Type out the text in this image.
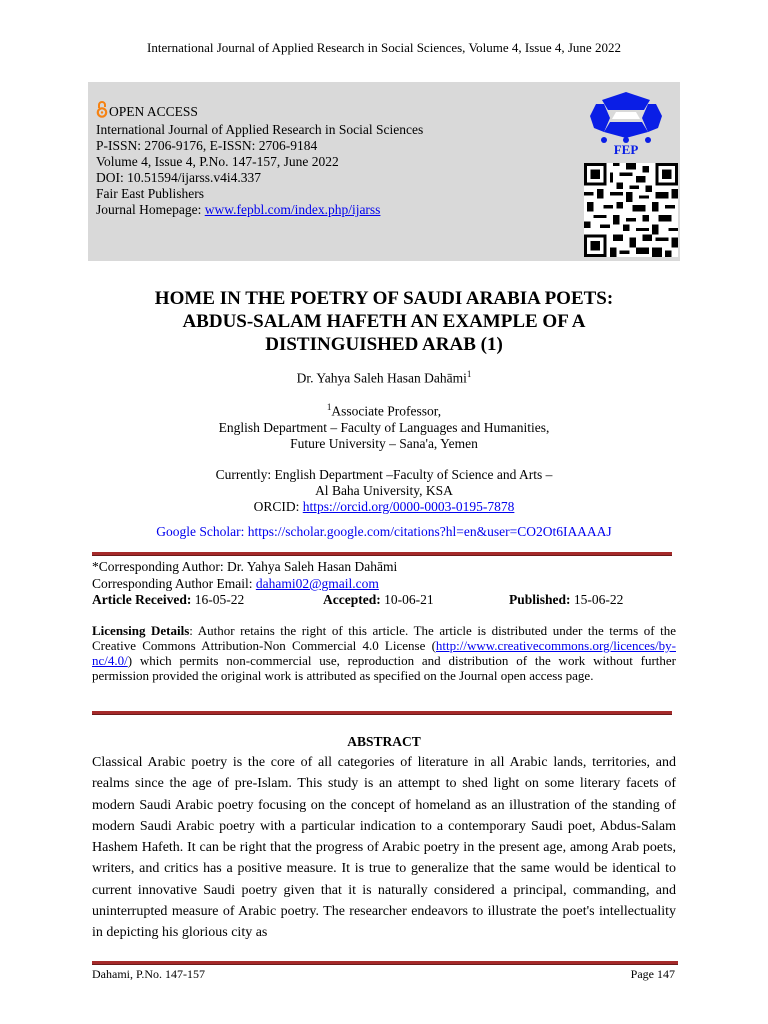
International Journal of Applied Research in Social Sciences, Volume 4, Issue 4, June 2022
OPEN ACCESS
International Journal of Applied Research in Social Sciences
P-ISSN: 2706-9176, E-ISSN: 2706-9184
Volume 4, Issue 4, P.No. 147-157, June 2022
DOI: 10.51594/ijarss.v4i4.337
Fair East Publishers
Journal Homepage: www.fepbl.com/index.php/ijarss
FEP
HOME IN THE POETRY OF SAUDI ARABIA POETS:
ABDUS-SALAM HAFETH AN EXAMPLE OF A
DISTINGUISHED ARAB (1)
Dr. Yahya Saleh Hasan Dahāmi$^1$
$^1$Associate Professor,
English Department – Faculty of Languages and Humanities,
Future University – Sana'a, Yemen
Currently: English Department –Faculty of Science and Arts –
Al Baha University, KSA
ORCID: https://orcid.org/0000-0003-0195-7878
Google Scholar: https://scholar.google.com/citations?hl=en&user=CO2Ot6IAAAAJ
*Corresponding Author: Dr. Yahya Saleh Hasan Dahāmi
Corresponding Author Email: dahami02@gmail.com
Article Received: 16-05-22	Accepted: 10-06-21	Published: 15-06-22
Licensing Details: Author retains the right of this article. The article is distributed under the terms of the Creative Commons Attribution-Non Commercial 4.0 License (http://www.creativecommons.org/licences/by-nc/4.0/) which permits non-commercial use, reproduction and distribution of the work without further permission provided the original work is attributed as specified on the Journal open access page.
ABSTRACT
Classical Arabic poetry is the core of all categories of literature in all Arabic lands, territories, and realms since the age of pre-Islam. This study is an attempt to shed light on some literary facets of modern Saudi Arabic poetry focusing on the concept of homeland as an illustration of the standing of modern Saudi Arabic poetry with a particular indication to a contemporary Saudi poet, Abdus-Salam Hashem Hafeth. It can be right that the progress of Arabic poetry in the present age, among Arab poets, writers, and critics has a positive measure. It is true to generalize that the same would be identical to current innovative Saudi poetry given that it is naturally considered a principal, commanding, and uninterrupted measure of Arabic poetry. The researcher endeavors to illustrate the poet's intellectuality in depicting his glorious city as
Dahami, P.No. 147-157	Page 147
